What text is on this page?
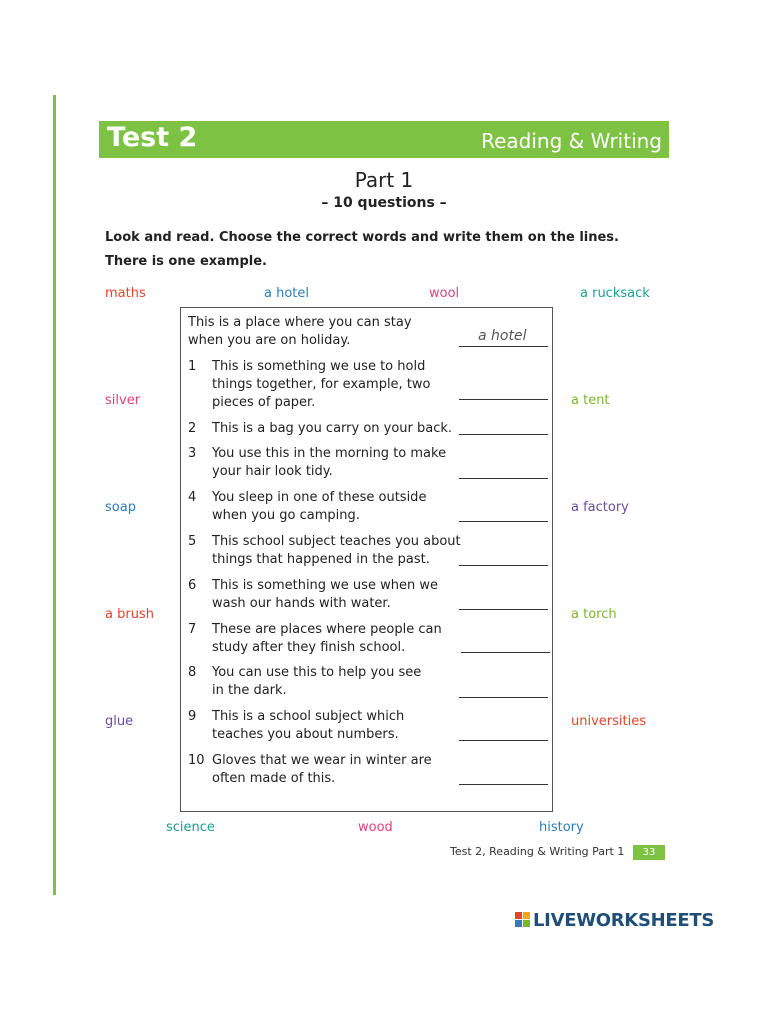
Test 2	Reading & Writing
Part 1
– 10 questions –
Look and read. Choose the correct words and write them on the lines.
There is one example.
maths	a hotel	wool	a rucksack
silver	a tent
soap	a factory
a brush	a torch
glue	universities
science	wood	history
This is a place where you can stay when you are on holiday.	a hotel
1	This is something we use to hold things together, for example, two pieces of paper.
2	This is a bag you carry on your back.
3	You use this in the morning to make your hair look tidy.
4	You sleep in one of these outside when you go camping.
5	This school subject teaches you about things that happened in the past.
6	This is something we use when we wash our hands with water.
7	These are places where people can study after they finish school.
8	You can use this to help you see in the dark.
9	This is a school subject which teaches you about numbers.
10 Gloves that we wear in winter are often made of this.
Test 2, Reading & Writing Part 1	33
LIVEWORKSHEETS
